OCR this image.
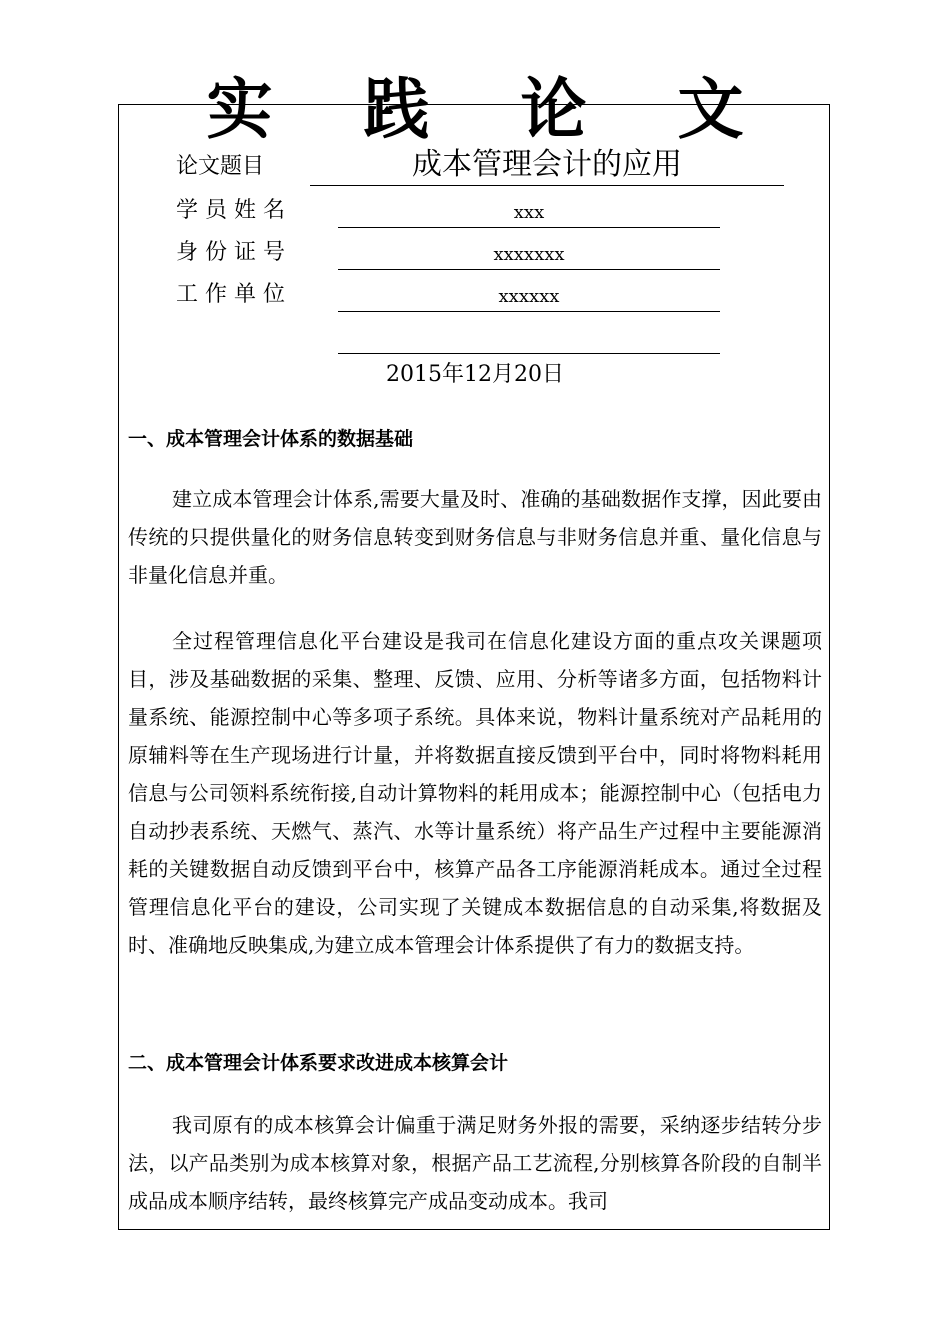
实 践 论 文
论文题目	成本管理会计的应用
学 员 姓 名	xxx
身 份 证 号	xxxxxxx
工 作 单 位	xxxxxx
2015年12月20日
一、成本管理会计体系的数据基础

建立成本管理会计体系,需要大量及时、准确的基础数据作支撑，因此要由传统的只提供量化的财务信息转变到财务信息与非财务信息并重、量化信息与非量化信息并重。

全过程管理信息化平台建设是我司在信息化建设方面的重点攻关课题项目，涉及基础数据的采集、整理、反馈、应用、分析等诸多方面，包括物料计量系统、能源控制中心等多项子系统。具体来说，物料计量系统对产品耗用的原辅料等在生产现场进行计量，并将数据直接反馈到平台中，同时将物料耗用信息与公司领料系统衔接,自动计算物料的耗用成本；能源控制中心（包括电力自动抄表系统、天燃气、蒸汽、水等计量系统）将产品生产过程中主要能源消耗的关键数据自动反馈到平台中，核算产品各工序能源消耗成本。通过全过程管理信息化平台的建设，公司实现了关键成本数据信息的自动采集,将数据及时、准确地反映集成,为建立成本管理会计体系提供了有力的数据支持。

二、成本管理会计体系要求改进成本核算会计

我司原有的成本核算会计偏重于满足财务外报的需要，采纳逐步结转分步法，以产品类别为成本核算对象，根据产品工艺流程,分别核算各阶段的自制半成品成本顺序结转，最终核算完产成品变动成本。我司
